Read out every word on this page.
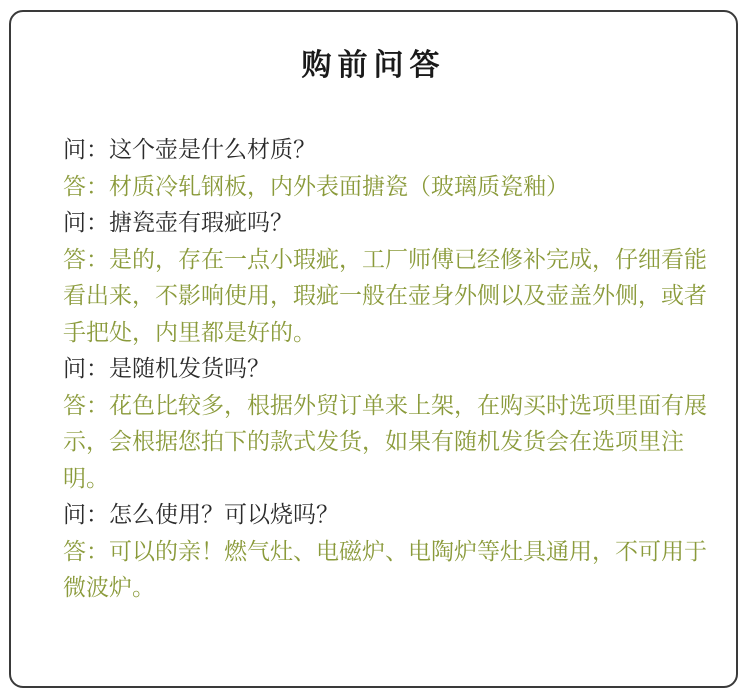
购前问答

问：这个壶是什么材质？

答：材质冷轧钢板，内外表面搪瓷（玻璃质瓷釉）

问：搪瓷壶有瑕疵吗？

答：是的，存在一点小瑕疵，工厂师傅已经修补完成，仔细看能看出来，不影响使用，瑕疵一般在壶身外侧以及壶盖外侧，或者手把处，内里都是好的。

问：是随机发货吗？

答：花色比较多，根据外贸订单来上架，在购买时选项里面有展示，会根据您拍下的款式发货，如果有随机发货会在选项里注明。

问：怎么使用？可以烧吗？

答：可以的亲！燃气灶、电磁炉、电陶炉等灶具通用，不可用于微波炉。
